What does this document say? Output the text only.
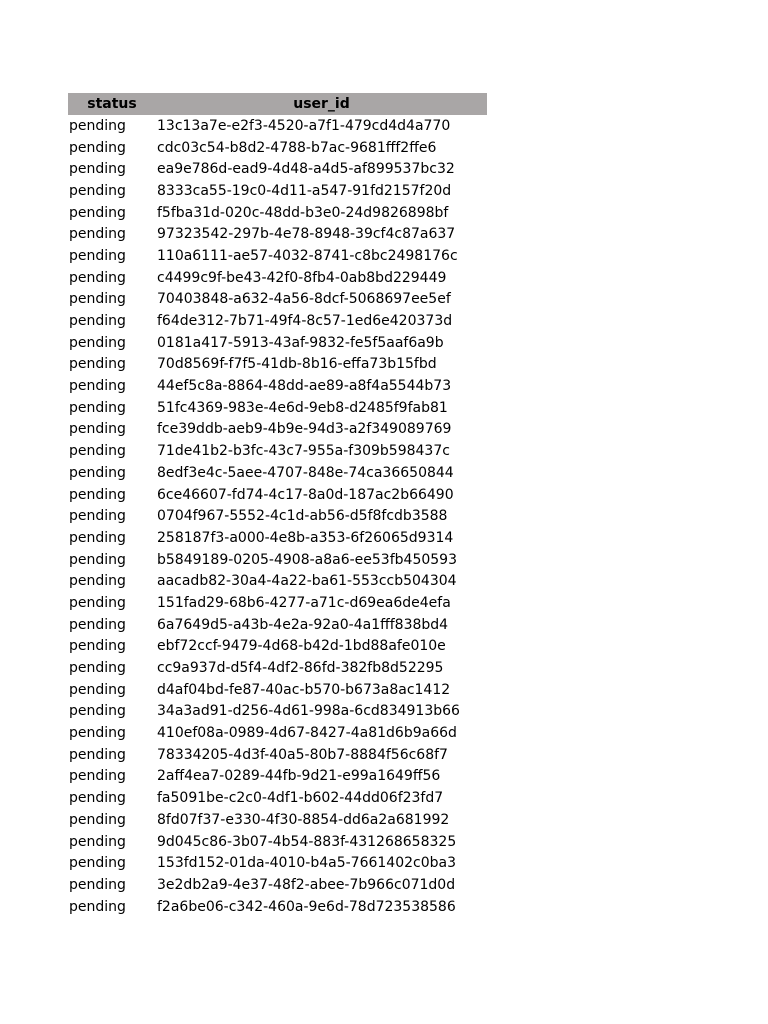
status	user_id
pending	13c13a7e-e2f3-4520-a7f1-479cd4d4a770
pending	cdc03c54-b8d2-4788-b7ac-9681fff2ffe6
pending	ea9e786d-ead9-4d48-a4d5-af899537bc32
pending	8333ca55-19c0-4d11-a547-91fd2157f20d
pending	f5fba31d-020c-48dd-b3e0-24d9826898bf
pending	97323542-297b-4e78-8948-39cf4c87a637
pending	110a6111-ae57-4032-8741-c8bc2498176c
pending	c4499c9f-be43-42f0-8fb4-0ab8bd229449
pending	70403848-a632-4a56-8dcf-5068697ee5ef
pending	f64de312-7b71-49f4-8c57-1ed6e420373d
pending	0181a417-5913-43af-9832-fe5f5aaf6a9b
pending	70d8569f-f7f5-41db-8b16-effa73b15fbd
pending	44ef5c8a-8864-48dd-ae89-a8f4a5544b73
pending	51fc4369-983e-4e6d-9eb8-d2485f9fab81
pending	fce39ddb-aeb9-4b9e-94d3-a2f349089769
pending	71de41b2-b3fc-43c7-955a-f309b598437c
pending	8edf3e4c-5aee-4707-848e-74ca36650844
pending	6ce46607-fd74-4c17-8a0d-187ac2b66490
pending	0704f967-5552-4c1d-ab56-d5f8fcdb3588
pending	258187f3-a000-4e8b-a353-6f26065d9314
pending	b5849189-0205-4908-a8a6-ee53fb450593
pending	aacadb82-30a4-4a22-ba61-553ccb504304
pending	151fad29-68b6-4277-a71c-d69ea6de4efa
pending	6a7649d5-a43b-4e2a-92a0-4a1fff838bd4
pending	ebf72ccf-9479-4d68-b42d-1bd88afe010e
pending	cc9a937d-d5f4-4df2-86fd-382fb8d52295
pending	d4af04bd-fe87-40ac-b570-b673a8ac1412
pending	34a3ad91-d256-4d61-998a-6cd834913b66
pending	410ef08a-0989-4d67-8427-4a81d6b9a66d
pending	78334205-4d3f-40a5-80b7-8884f56c68f7
pending	2aff4ea7-0289-44fb-9d21-e99a1649ff56
pending	fa5091be-c2c0-4df1-b602-44dd06f23fd7
pending	8fd07f37-e330-4f30-8854-dd6a2a681992
pending	9d045c86-3b07-4b54-883f-431268658325
pending	153fd152-01da-4010-b4a5-7661402c0ba3
pending	3e2db2a9-4e37-48f2-abee-7b966c071d0d
pending	f2a6be06-c342-460a-9e6d-78d723538586
